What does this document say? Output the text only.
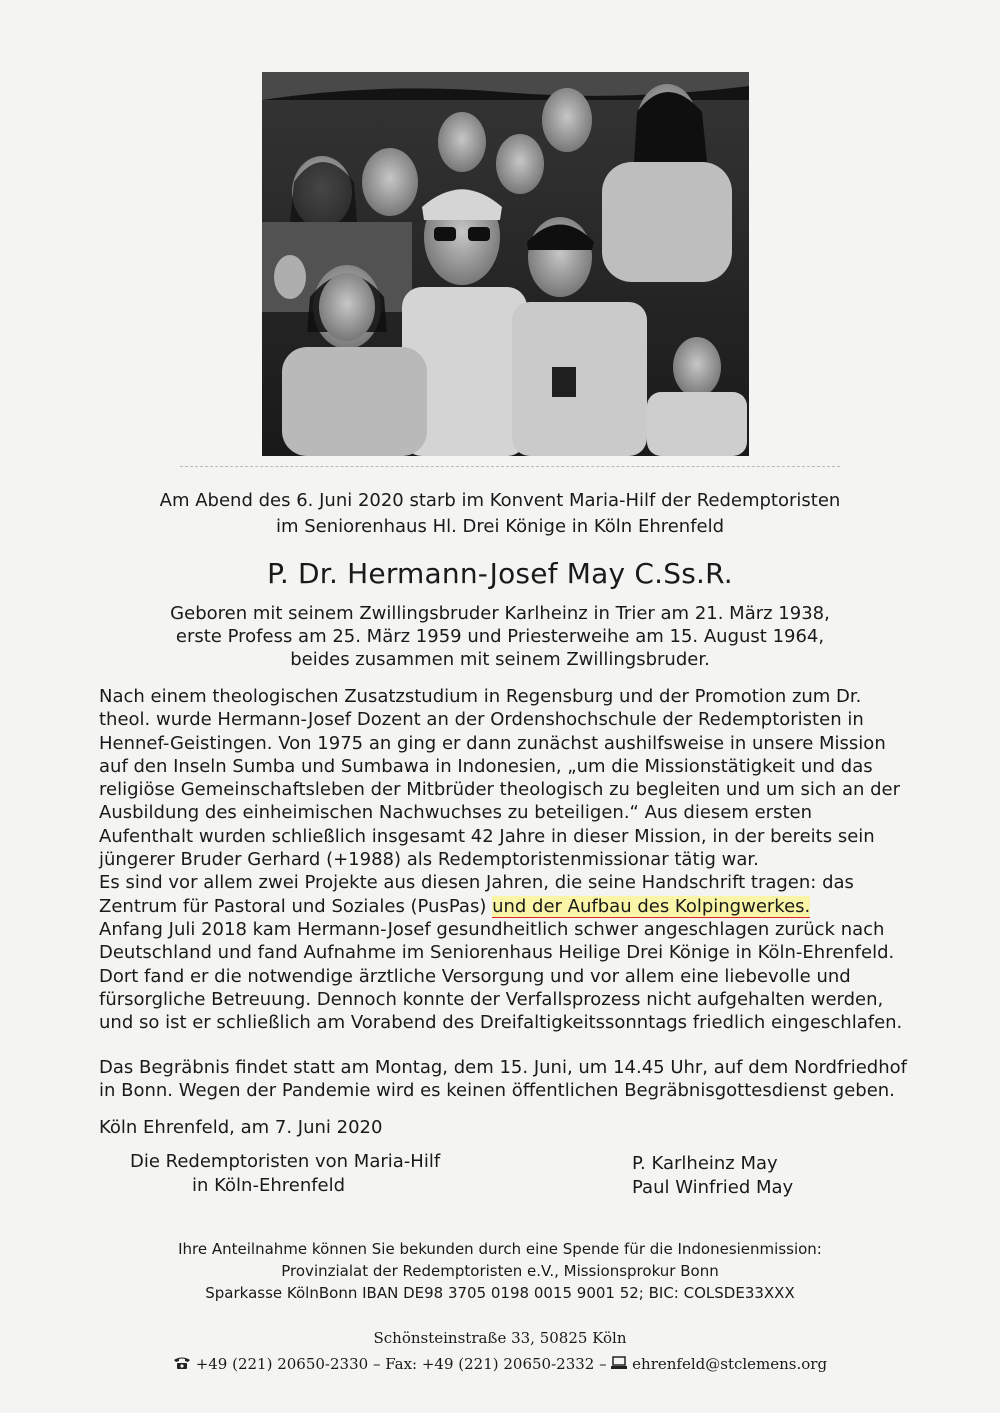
Am Abend des 6. Juni 2020 starb im Konvent Maria-Hilf der Redemptoristen
im Seniorenhaus Hl. Drei Könige in Köln Ehrenfeld
P. Dr. Hermann-Josef May C.Ss.R.
Geboren mit seinem Zwillingsbruder Karlheinz in Trier am 21. März 1938,
erste Profess am 25. März 1959 und Priesterweihe am 15. August 1964,
beides zusammen mit seinem Zwillingsbruder.

Nach einem theologischen Zusatzstudium in Regensburg und der Promotion zum Dr. theol. wurde Hermann-Josef Dozent an der Ordenshochschule der Redemptoristen in Hennef-Geistingen. Von 1975 an ging er dann zunächst aushilfsweise in unsere Mission auf den Inseln Sumba und Sumbawa in Indonesien, „um die Missionstätigkeit und das religiöse Gemeinschaftsleben der Mitbrüder theologisch zu begleiten und um sich an der Ausbildung des einheimischen Nachwuchses zu beteiligen.“ Aus diesem ersten Aufenthalt wurden schließlich insgesamt 42 Jahre in dieser Mission, in der bereits sein jüngerer Bruder Gerhard (+1988) als Redemptoristenmissionar tätig war.

Es sind vor allem zwei Projekte aus diesen Jahren, die seine Handschrift tragen: das Zentrum für Pastoral und Soziales (PusPas) und der Aufbau des Kolpingwerkes.

Anfang Juli 2018 kam Hermann-Josef gesundheitlich schwer angeschlagen zurück nach Deutschland und fand Aufnahme im Seniorenhaus Heilige Drei Könige in Köln-Ehrenfeld. Dort fand er die notwendige ärztliche Versorgung und vor allem eine liebevolle und fürsorgliche Betreuung. Dennoch konnte der Verfallsprozess nicht aufgehalten werden, und so ist er schließlich am Vorabend des Dreifaltigkeitssonntags friedlich eingeschlafen.

Das Begräbnis findet statt am Montag, dem 15. Juni, um 14.45 Uhr, auf dem Nordfriedhof in Bonn. Wegen der Pandemie wird es keinen öffentlichen Begräbnisgottesdienst geben.
Köln Ehrenfeld, am 7. Juni 2020
Die Redemptoristen von Maria-Hilf
in Köln-Ehrenfeld
P. Karlheinz May
Paul Winfried May
Ihre Anteilnahme können Sie bekunden durch eine Spende für die Indonesienmission:
Provinzialat der Redemptoristen e.V., Missionsprokur Bonn
Sparkasse KölnBonn IBAN DE98 3705 0198 0015 9001 52; BIC: COLSDE33XXX
Schönsteinstraße 33, 50825 Köln
+49 (221) 20650-2330 – Fax: +49 (221) 20650-2332 – ehrenfeld@stclemens.org
